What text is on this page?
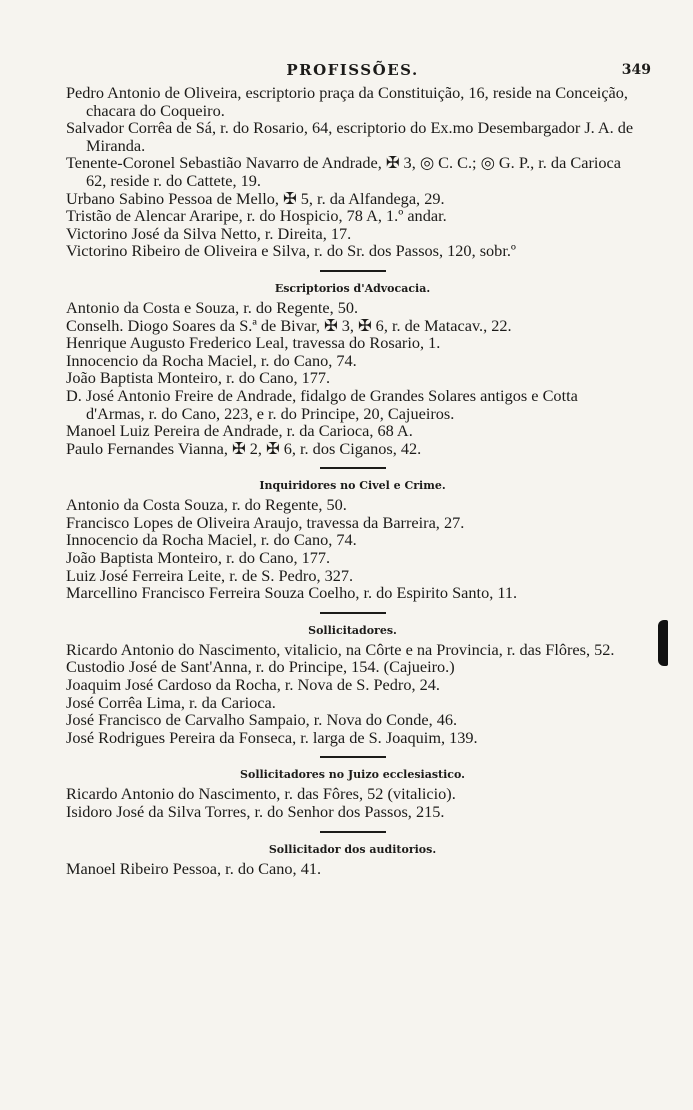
PROFISSÕES.	349
Pedro Antonio de Oliveira, escriptorio praça da Constituição, 16, reside na Conceição, chacara do Coqueiro.
Salvador Corrêa de Sá, r. do Rosario, 64, escriptorio do Ex.mo Desembargador J. A. de Miranda.
Tenente-Coronel Sebastião Navarro de Andrade, ✠ 3, ◎ C. C.; ◎ G. P., r. da Carioca 62, reside r. do Cattete, 19.
Urbano Sabino Pessoa de Mello, ✠ 5, r. da Alfandega, 29.
Tristão de Alencar Araripe, r. do Hospicio, 78 A, 1.º andar.
Victorino José da Silva Netto, r. Direita, 17.
Victorino Ribeiro de Oliveira e Silva, r. do Sr. dos Passos, 120, sobr.º
Escriptorios d'Advocacia.
Antonio da Costa e Souza, r. do Regente, 50.
Conselh. Diogo Soares da S.ª de Bivar, ✠ 3, ✠ 6, r. de Matacav., 22.
Henrique Augusto Frederico Leal, travessa do Rosario, 1.
Innocencio da Rocha Maciel, r. do Cano, 74.
João Baptista Monteiro, r. do Cano, 177.
D. José Antonio Freire de Andrade, fidalgo de Grandes Solares antigos e Cotta d'Armas, r. do Cano, 223, e r. do Principe, 20, Cajueiros.
Manoel Luiz Pereira de Andrade, r. da Carioca, 68 A.
Paulo Fernandes Vianna, ✠ 2, ✠ 6, r. dos Ciganos, 42.
Inquiridores no Civel e Crime.
Antonio da Costa Souza, r. do Regente, 50.
Francisco Lopes de Oliveira Araujo, travessa da Barreira, 27.
Innocencio da Rocha Maciel, r. do Cano, 74.
João Baptista Monteiro, r. do Cano, 177.
Luiz José Ferreira Leite, r. de S. Pedro, 327.
Marcellino Francisco Ferreira Souza Coelho, r. do Espirito Santo, 11.
Sollicitadores.
Ricardo Antonio do Nascimento, vitalicio, na Côrte e na Provincia, r. das Flôres, 52.
Custodio José de Sant'Anna, r. do Principe, 154. (Cajueiro.)
Joaquim José Cardoso da Rocha, r. Nova de S. Pedro, 24.
José Corrêa Lima, r. da Carioca.
José Francisco de Carvalho Sampaio, r. Nova do Conde, 46.
José Rodrigues Pereira da Fonseca, r. larga de S. Joaquim, 139.
Sollicitadores no Juizo ecclesiastico.
Ricardo Antonio do Nascimento, r. das Fôres, 52 (vitalicio).
Isidoro José da Silva Torres, r. do Senhor dos Passos, 215.
Sollicitador dos auditorios.
Manoel Ribeiro Pessoa, r. do Cano, 41.
